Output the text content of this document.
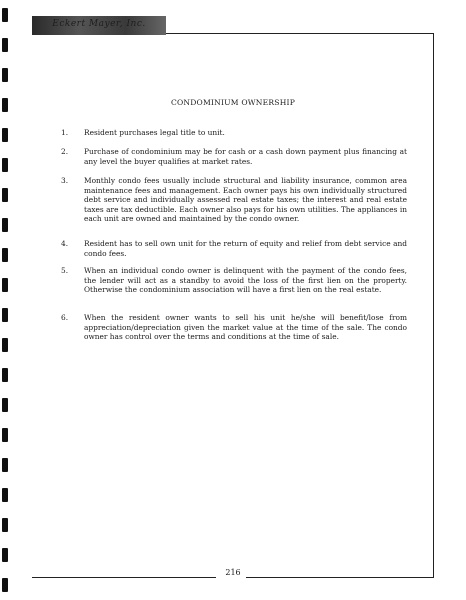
Eckert Mayer, Inc.
CONDOMINIUM OWNERSHIP
1.	Resident purchases legal title to unit.
2.	Purchase of condominium may be for cash or a cash down payment plus financing at any level the buyer qualifies at market rates.
3.	Monthly condo fees usually include structural and liability insurance, common area maintenance fees and management. Each owner pays his own individually structured debt service and individually assessed real estate taxes; the interest and real estate taxes are tax deductible. Each owner also pays for his own utilities. The appliances in each unit are owned and maintained by the condo owner.
4.	Resident has to sell own unit for the return of equity and relief from debt service and condo fees.
5.	When an individual condo owner is delinquent with the payment of the condo fees, the lender will act as a standby to avoid the loss of the first lien on the property. Otherwise the condominium association will have a first lien on the real estate.
6.	When the resident owner wants to sell his unit he/she will benefit/lose from appreciation/depreciation given the market value at the time of the sale. The condo owner has control over the terms and conditions at the time of sale.
216
